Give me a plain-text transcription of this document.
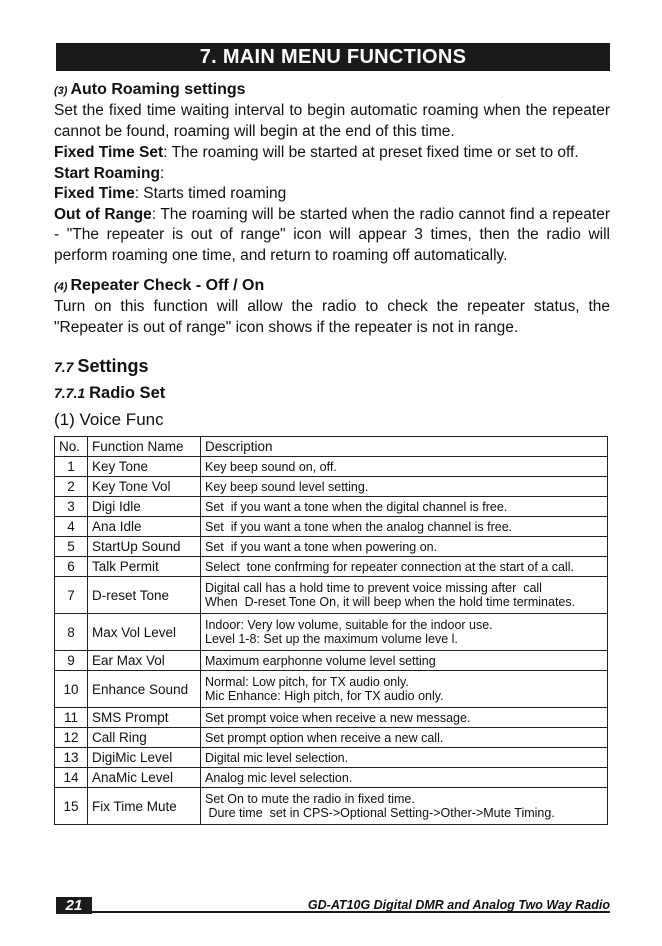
7. MAIN MENU FUNCTIONS
(3) Auto Roaming settings
Set the fixed time waiting interval to begin automatic roaming when the repeater cannot be found, roaming will begin at the end of this time.
Fixed Time Set: The roaming will be started at preset fixed time or set to off.
Start Roaming:
Fixed Time: Starts timed roaming
Out of Range: The roaming will be started when the radio cannot find a repeater - "The repeater is out of range" icon will appear 3 times, then the radio will perform roaming one time, and return to roaming off automatically.
(4) Repeater Check - Off / On
Turn on this function will allow the radio to check the repeater status, the "Repeater is out of range" icon shows if the repeater is not in range.
7.7 Settings
7.7.1 Radio Set
(1) Voice Func
No.	Function Name	Description
1	Key Tone	Key beep sound on, off.

2	Key Tone Vol	Key beep sound level setting.

3	Digi Idle	Set  if you want a tone when the digital channel is free.

4	Ana Idle	Set  if you want a tone when the analog channel is free.

5	StartUp Sound	Set  if you want a tone when powering on.

6	Talk Permit	Select  tone confrming for repeater connection at the start of a call.

7	D-reset Tone	Digital call has a hold time to prevent voice missing after  call
When  D-reset Tone On, it will beep when the hold time terminates.

8	Max Vol Level	Indoor: Very low volume, suitable for the indoor use.
Level 1-8: Set up the maximum volume leve l.

9	Ear Max Vol	Maximum earphonne volume level setting

10	Enhance Sound	Normal: Low pitch, for TX audio only.
Mic Enhance: High pitch, for TX audio only.

11	SMS Prompt	Set prompt voice when receive a new message.

12	Call Ring	Set prompt option when receive a new call.

13	DigiMic Level	Digital mic level selection.

14	AnaMic Level	Analog mic level selection.

15	Fix Time Mute	Set On to mute the radio in fixed time.
Dure time  set in CPS->Optional Setting->Other->Mute Timing.
21	GD-AT10G Digital DMR and Analog Two Way Radio
